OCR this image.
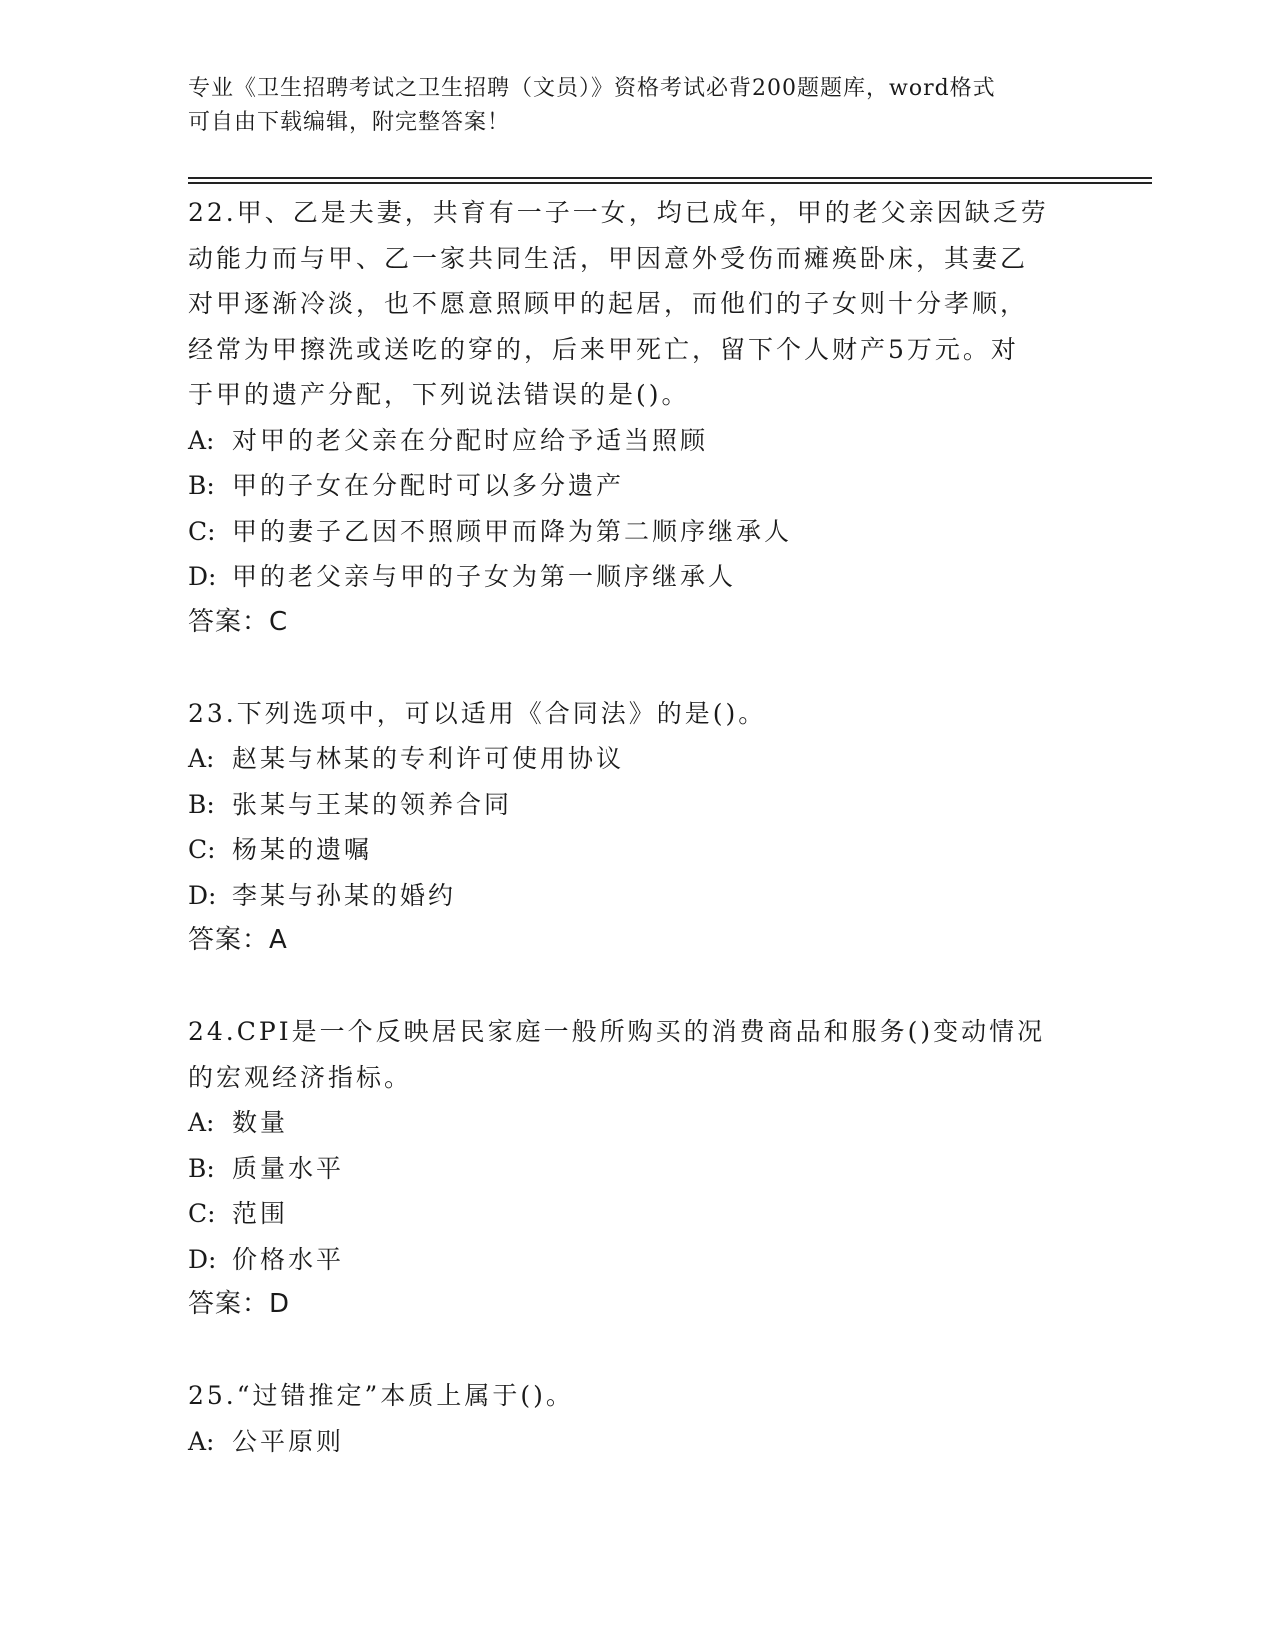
专业《卫生招聘考试之卫生招聘（文员）》资格考试必背200题题库，word格式
可自由下载编辑，附完整答案！
22.甲、乙是夫妻，共育有一子一女，均已成年，甲的老父亲因缺乏劳
动能力而与甲、乙一家共同生活，甲因意外受伤而瘫痪卧床，其妻乙
对甲逐渐冷淡，也不愿意照顾甲的起居，而他们的子女则十分孝顺，
经常为甲擦洗或送吃的穿的，后来甲死亡，留下个人财产5万元。对
于甲的遗产分配，下列说法错误的是()。
A: 对甲的老父亲在分配时应给予适当照顾
B: 甲的子女在分配时可以多分遗产
C: 甲的妻子乙因不照顾甲而降为第二顺序继承人
D: 甲的老父亲与甲的子女为第一顺序继承人
答案：C
23.下列选项中，可以适用《合同法》的是()。
A: 赵某与林某的专利许可使用协议
B: 张某与王某的领养合同
C: 杨某的遗嘱
D: 李某与孙某的婚约
答案：A
24.CPI是一个反映居民家庭一般所购买的消费商品和服务()变动情况
的宏观经济指标。
A: 数量
B: 质量水平
C: 范围
D: 价格水平
答案：D
25.“过错推定”本质上属于()。
A: 公平原则
